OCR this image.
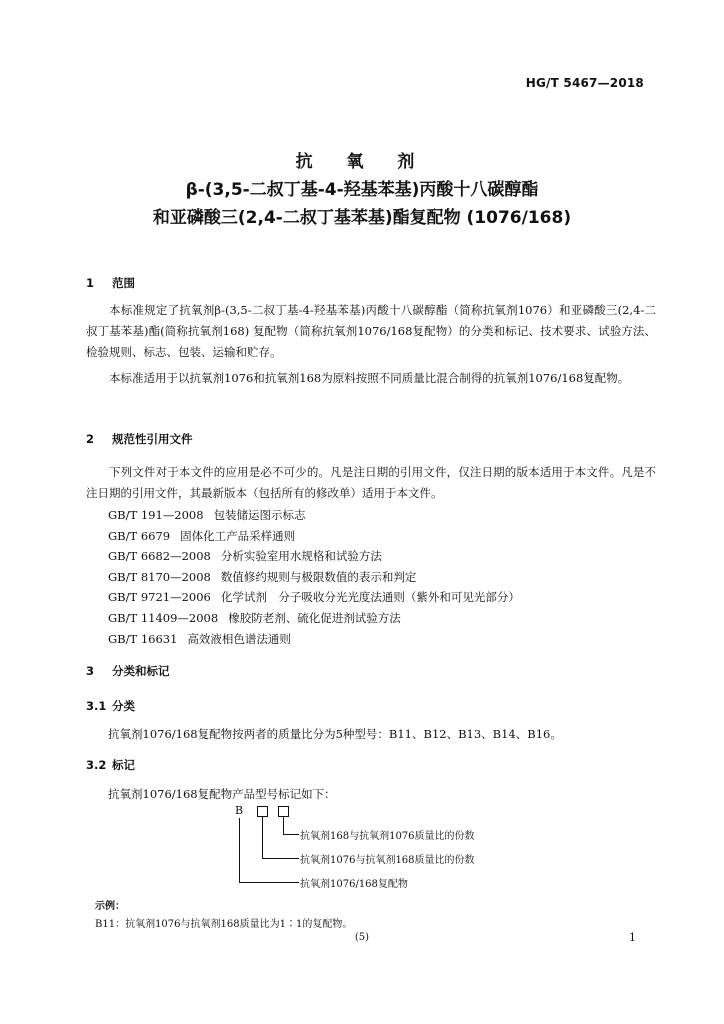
HG/T 5467—2018
抗 氧 剂
β-(3,5-二叔丁基-4-羟基苯基)丙酸十八碳醇酯
和亚磷酸三(2,4-二叔丁基苯基)酯复配物 (1076/168)
1 范围

本标准规定了抗氧剂β-(3,5-二叔丁基-4-羟基苯基)丙酸十八碳醇酯（简称抗氧剂1076）和亚磷酸三(2,4-二叔丁基苯基)酯(简称抗氧剂168) 复配物（简称抗氧剂1076/168复配物）的分类和标记、技术要求、试验方法、检验规则、标志、包装、运输和贮存。

本标准适用于以抗氧剂1076和抗氧剂168为原料按照不同质量比混合制得的抗氧剂1076/168复配物。

2 规范性引用文件

下列文件对于本文件的应用是必不可少的。凡是注日期的引用文件，仅注日期的版本适用于本文件。凡是不注日期的引用文件，其最新版本（包括所有的修改单）适用于本文件。

GB/T 191—2008 包装储运图示标志
GB/T 6679 固体化工产品采样通则
GB/T 6682—2008 分析实验室用水规格和试验方法
GB/T 8170—2008 数值修约规则与极限数值的表示和判定
GB/T 9721—2006 化学试剂　分子吸收分光光度法通则（紫外和可见光部分）
GB/T 11409—2008 橡胶防老剂、硫化促进剂试验方法
GB/T 16631 高效液相色谱法通则
3 分类和标记
3.1 分类
抗氧剂1076/168复配物按两者的质量比分为5种型号：B11、B12、B13、B14、B16。
3.2 标记
抗氧剂1076/168复配物产品型号标记如下：
B
抗氧剂168与抗氧剂1076质量比的份数
抗氧剂1076与抗氧剂168质量比的份数
抗氧剂1076/168复配物
示例：
B11：抗氧剂1076与抗氧剂168质量比为1∶1的复配物。
(5)	1
